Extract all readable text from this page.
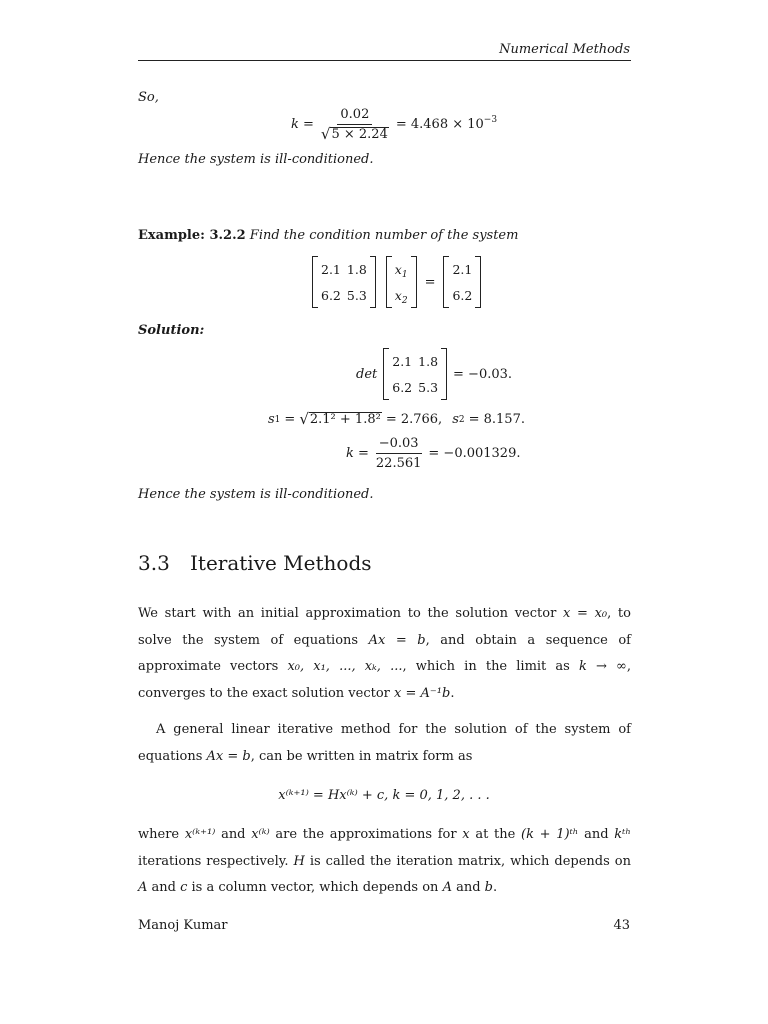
Numerical Methods
So,
$k = \frac{0.02}{√ 5 \times 2.24} = 4.468 \times 10^{-3}$
Hence the system is ill-conditioned.
Example: 3.2.2 Find the condition number of the system
2.1	1.8
6.2	5.3
$x_1$
$x_2$
=
2.1
6.2
Solution:
det
2.1	1.8
6.2	5.3
= −0.03.
s 1 = √ 2.1² + 1.8² = 2.766, s 2 = 8.157.
$k = \frac{-0.03}{22.561} = -0.001329$.
Hence the system is ill-conditioned.
3.3 Iterative Methods
We start with an initial approximation to the solution vector x = x₀, to solve the system of equations Ax = b, and obtain a sequence of approximate vectors x₀, x₁, ..., xₖ, ..., which in the limit as k → ∞, converges to the exact solution vector x = A⁻¹b.
A general linear iterative method for the solution of the system of equations Ax = b, can be written in matrix form as
x⁽ᵏ⁺¹⁾ = Hx⁽ᵏ⁾ + c, k = 0, 1, 2, . . .
where x⁽ᵏ⁺¹⁾ and x⁽ᵏ⁾ are the approximations for x at the (k + 1)ᵗʰ and kᵗʰ iterations respectively. H is called the iteration matrix, which depends on A and c is a column vector, which depends on A and b.
Manoj Kumar	43
